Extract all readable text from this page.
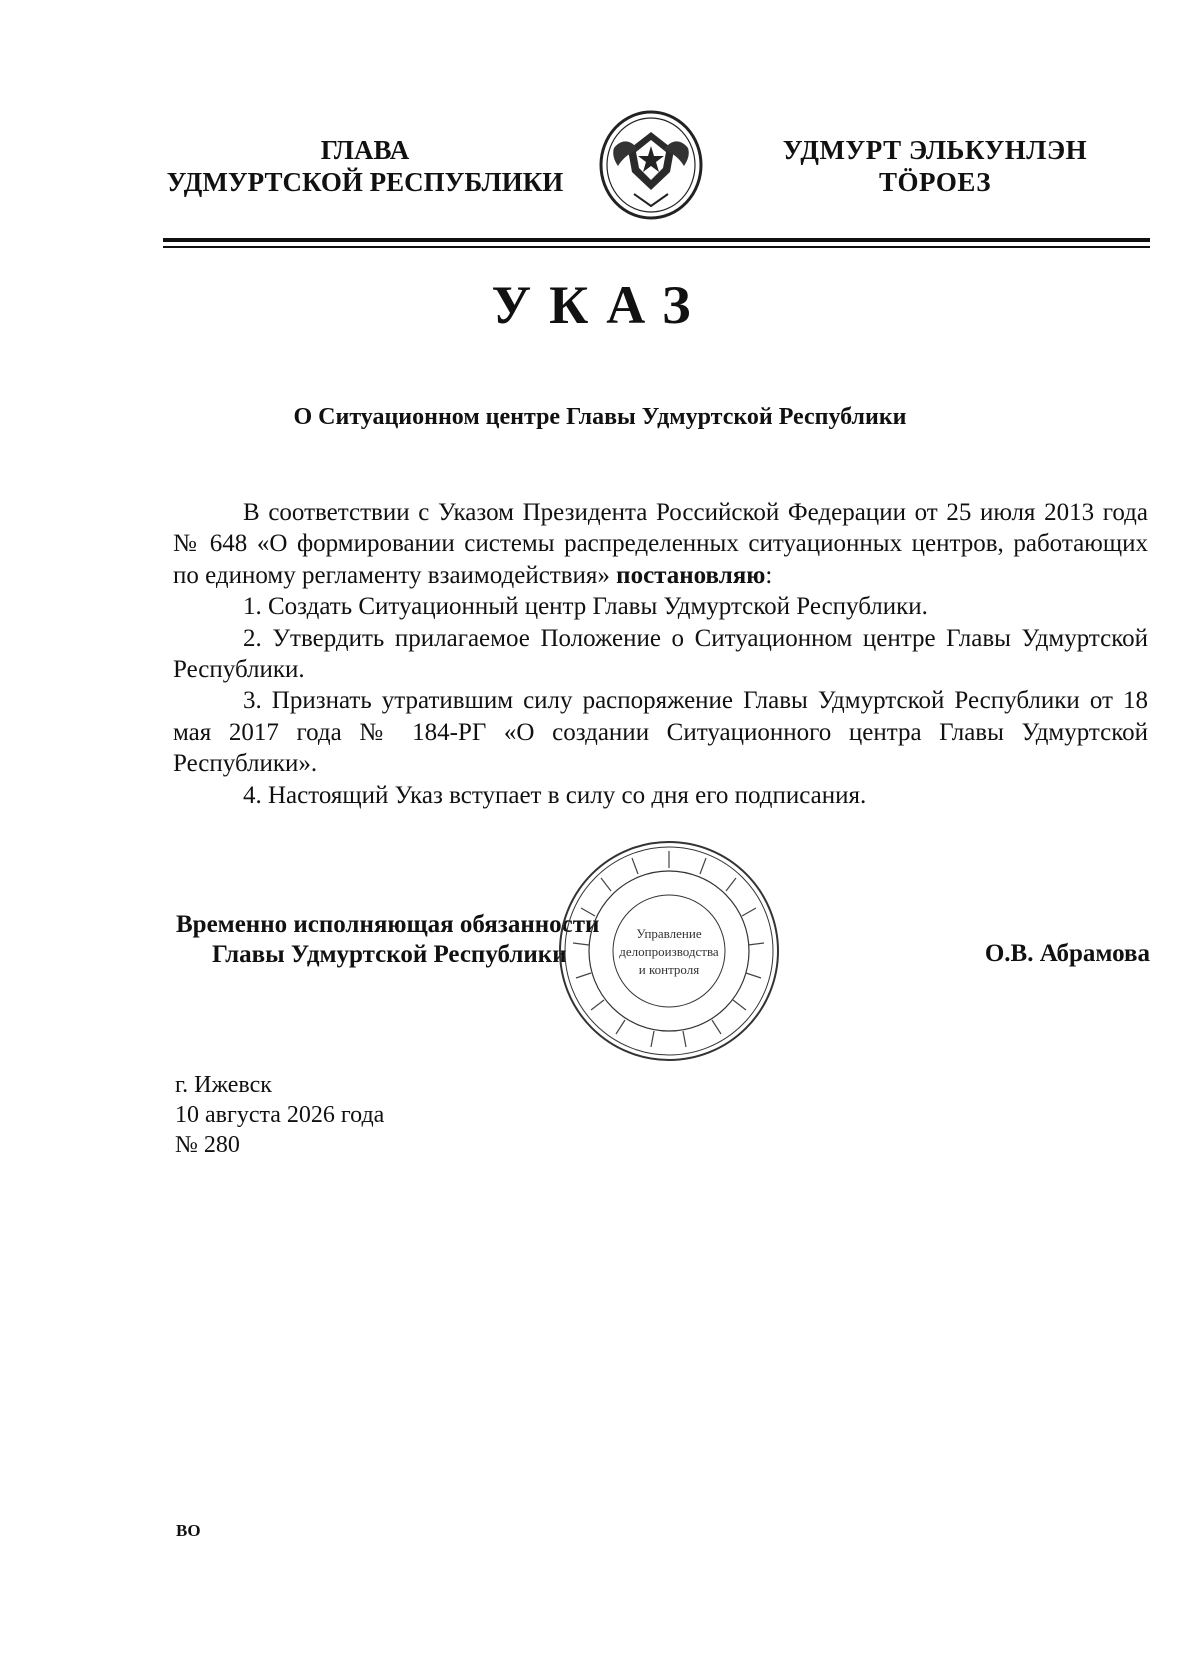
ГЛАВА
УДМУРТСКОЙ РЕСПУБЛИКИ
УДМУРТ ЭЛЬКУНЛЭН
ТӦРОЕЗ
УКАЗ
О Ситуационном центре Главы Удмуртской Республики

В соответствии с Указом Президента Российской Федерации от 25 июля 2013 года № 648 «О формировании системы распределенных ситуационных центров, работающих по единому регламенту взаимодействия» постановляю:

1. Создать Ситуационный центр Главы Удмуртской Республики.

2. Утвердить прилагаемое Положение о Ситуационном центре Главы Удмуртской Республики.

3. Признать утратившим силу распоряжение Главы Удмуртской Республики от 18 мая 2017 года № 184-РГ «О создании Ситуационного центра Главы Удмуртской Республики».

4. Настоящий Указ вступает в силу со дня его подписания.

Временно исполняющая обязанности
Главы Удмуртской Республики	О.В. Абрамова
Управление
делопроизводства
и контроля
г. Ижевск
10 августа 2026 года
№ 280
ВО
